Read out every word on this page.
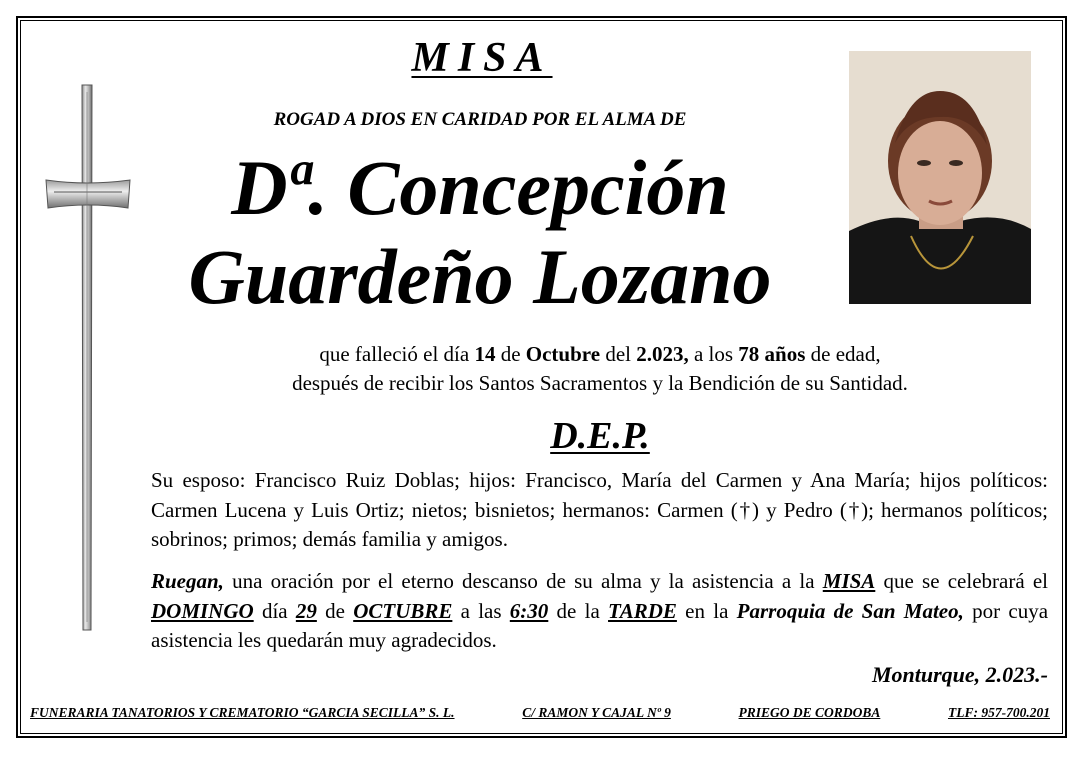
MISA
ROGAD A DIOS EN CARIDAD POR EL ALMA DE
Dª. Concepción
Guardeño Lozano
que falleció el día 14 de Octubre del 2.023, a los 78 años de edad,
después de recibir los Santos Sacramentos y la Bendición de su Santidad.
D.E.P.
Su esposo: Francisco Ruiz Doblas; hijos: Francisco, María del Carmen y Ana María; hijos políticos: Carmen Lucena y Luis Ortiz; nietos; bisnietos; hermanos: Carmen (†) y Pedro (†); hermanos políticos; sobrinos; primos; demás familia y amigos.
Ruegan, una oración por el eterno descanso de su alma y la asistencia a la MISA que se celebrará el DOMINGO día 29 de OCTUBRE a las 6:30 de la TARDE en la Parroquia de San Mateo, por cuya asistencia les quedarán muy agradecidos.
Monturque, 2.023.-
FUNERARIA TANATORIOS Y CREMATORIO “GARCIA SECILLA” S. L.	C/ RAMON Y CAJAL Nº 9	PRIEGO DE CORDOBA	TLF: 957-700.201
